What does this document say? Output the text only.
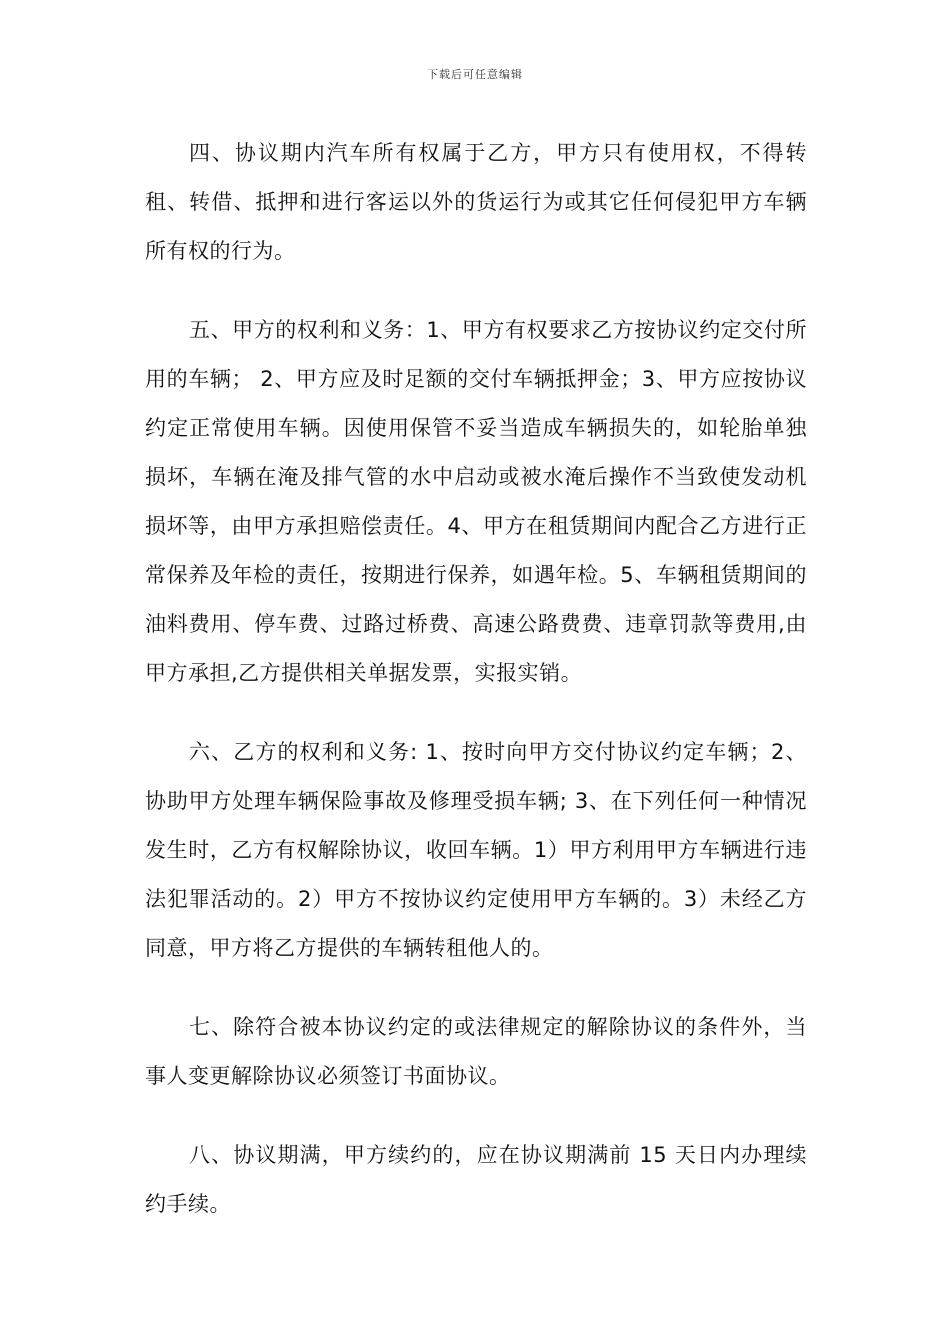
下载后可任意编辑

四、协议期内汽车所有权属于乙方，甲方只有使用权，不得转租、转借、抵押和进行客运以外的货运行为或其它任何侵犯甲方车辆所有权的行为。

五、甲方的权利和义务：1、甲方有权要求乙方按协议约定交付所用的车辆； 2、甲方应及时足额的交付车辆抵押金；3、甲方应按协议约定正常使用车辆。因使用保管不妥当造成车辆损失的，如轮胎单独损坏，车辆在淹及排气管的水中启动或被水淹后操作不当致使发动机损坏等，由甲方承担赔偿责任。4、甲方在租赁期间内配合乙方进行正常保养及年检的责任，按期进行保养，如遇年检。5、车辆租赁期间的油料费用、停车费、过路过桥费、高速公路费费、违章罚款等费用,由甲方承担,乙方提供相关单据发票，实报实销。

六、乙方的权利和义务: 1、按时向甲方交付协议约定车辆；2、协助甲方处理车辆保险事故及修理受损车辆; 3、在下列任何一种情况发生时，乙方有权解除协议，收回车辆。1）甲方利用甲方车辆进行违法犯罪活动的。2）甲方不按协议约定使用甲方车辆的。3）未经乙方同意，甲方将乙方提供的车辆转租他人的。

七、除符合被本协议约定的或法律规定的解除协议的条件外，当事人变更解除协议必须签订书面协议。

八、协议期满，甲方续约的，应在协议期满前 15 天日内办理续约手续。
